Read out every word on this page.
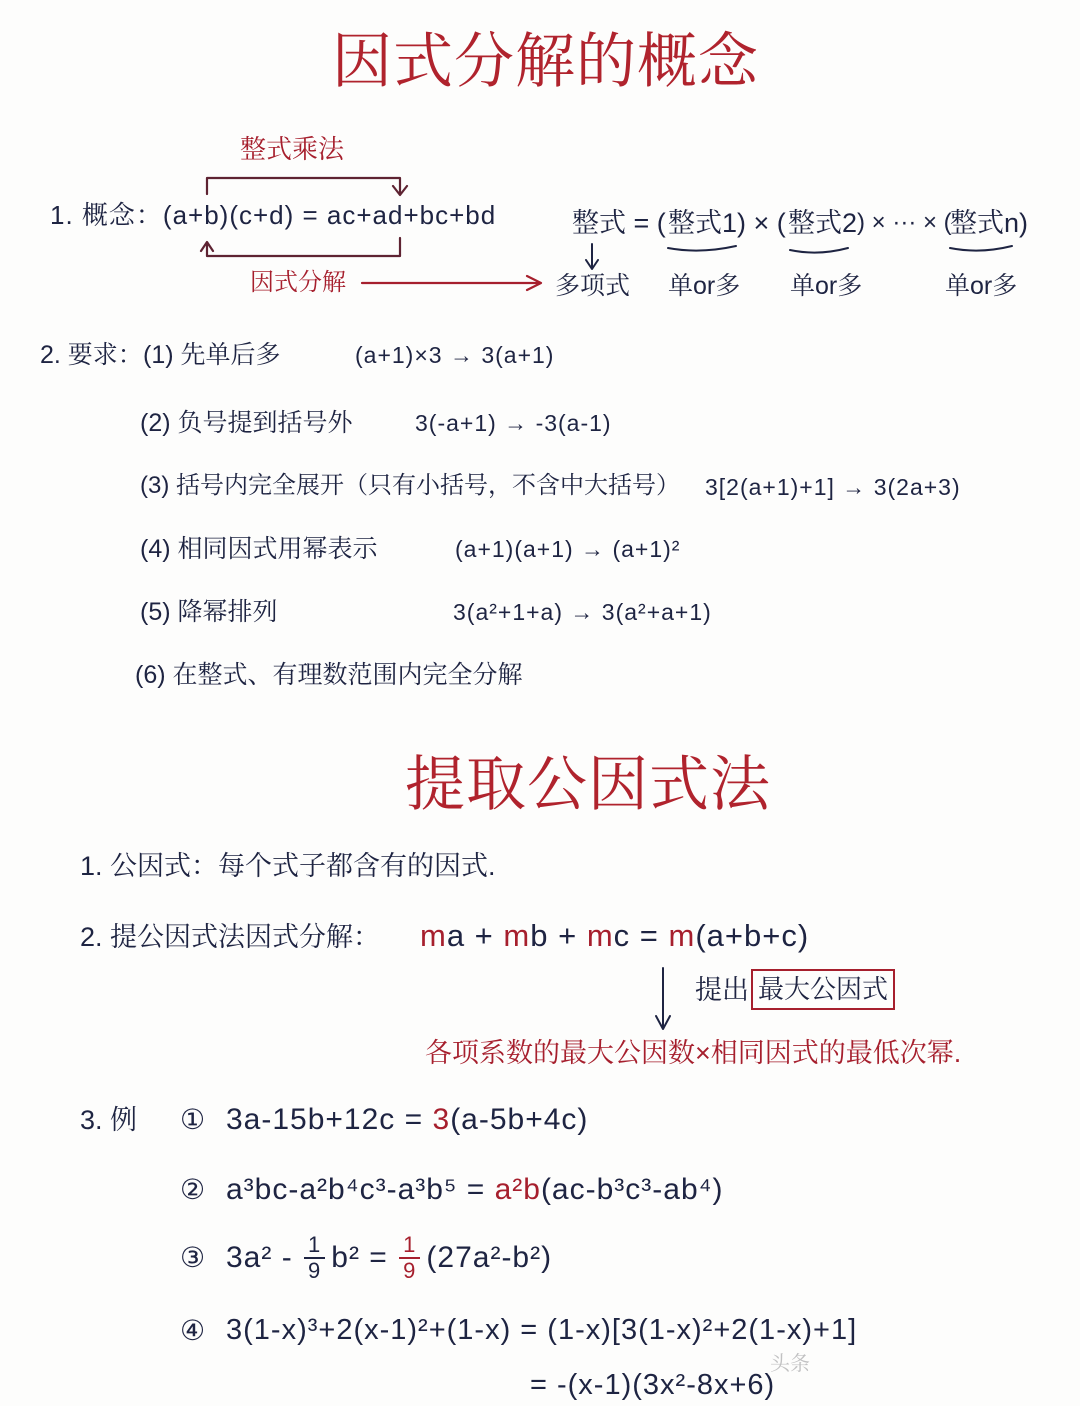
因式分解的概念
整式乘法
1. 概念：(a+b)(c+d) = ac+ad+bc+bd
因式分解
整式 = ( 整式1 ) × ( 整式2 ) × ··· × (
整式n )
多项式 单or多 单or多	单or多
2. 要求： (1) 先单后多	(a+1)×3 → 3(a+1)
(2) 负号提到括号外	3(-a+1) → -3(a-1)
(3) 括号内完全展开（只有小括号，不含中大括号） 3[2(a+1)+1] → 3(2a+3)
(4) 相同因式用幂表示	(a+1)(a+1) → (a+1)²
(5) 降幂排列	3(a²+1+a) → 3(a²+a+1)
(6) 在整式、有理数范围内完全分解
提取公因式法
1. 公因式：每个式子都含有的因式.
2. 提公因式法因式分解： ma + mb + mc = m(a+b+c)
提出 最大公因式
各项系数的最大公因数×相同因式的最低次幂.
3. 例 ① 3a-15b+12c = 3 (a-5b+4c)
② a³bc-a²b⁴c³-a³b⁵ = a²b (ac-b³c³-ab⁴)
③ $3a^2 - \frac{1}{9} b^2 = \frac{1}{9} (27a^2-b^2)$
④ 3(1-x)³+2(x-1)²+(1-x) = (1-x)[3(1-x)²+2(1-x)+1]
= -(x-1)(3x²-8x+6)
头条
